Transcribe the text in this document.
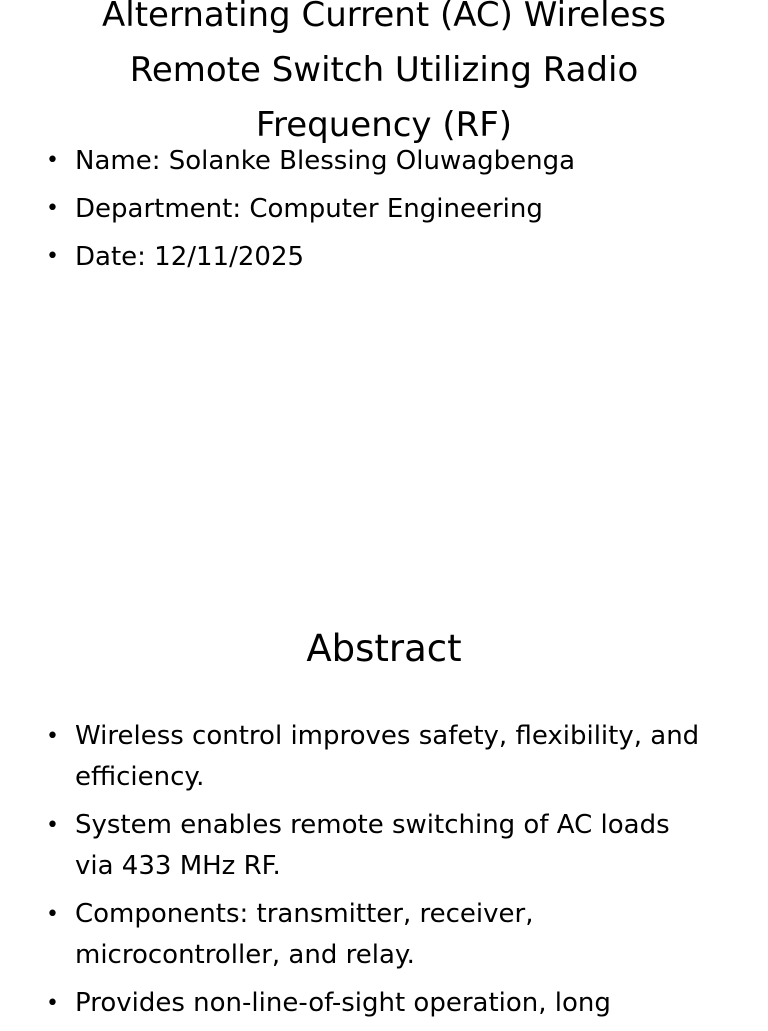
Alternating Current (AC) Wireless Remote Switch Utilizing Radio Frequency (RF)
• Name: Solanke Blessing Oluwagbenga
• Department: Computer Engineering
• Date: 12/11/2025
Abstract
• Wireless control improves safety, flexibility, and efficiency.
• System enables remote switching of AC loads via 433 MHz RF.
• Components: transmitter, receiver, microcontroller, and relay.
• Provides non-line-of-sight operation, long
